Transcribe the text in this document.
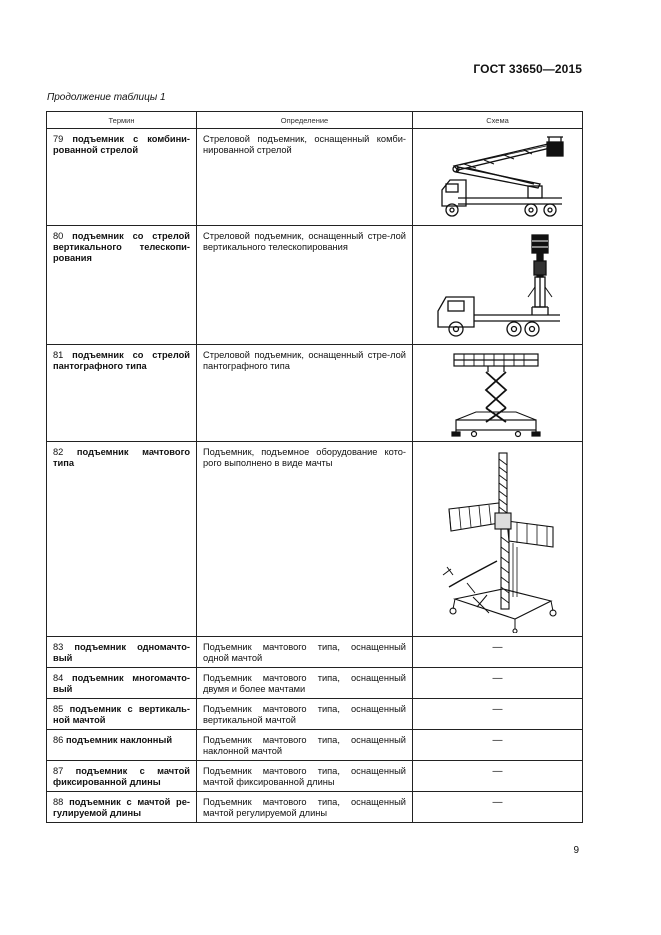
ГОСТ 33650—2015
Продолжение таблицы 1
Термин	Определение	Схема
79 подъемник с комбини-рованной стрелой	Стреловой подъемник, оснащенный комби-нированной стрелой	

80 подъемник со стрелой вертикального телескопи-рования	Стреловой подъемник, оснащенный стре-лой вертикального телескопирования	

81 подъемник со стрелой пантографного типа	Стреловой подъемник, оснащенный стре-лой пантографного типа	

82 подъемник мачтового типа	Подъемник, подъемное оборудование кото-рого выполнено в виде мачты	

83 подъемник одномачто-вый	Подъемник мачтового типа, оснащенный одной мачтой	—
84 подъемник многомачто-вый	Подъемник мачтового типа, оснащенный двумя и более мачтами	—
85 подъемник с вертикаль-ной мачтой	Подъемник мачтового типа, оснащенный вертикальной мачтой	—
86 подъемник наклонный	Подъемник мачтового типа, оснащенный наклонной мачтой	—
87 подъемник с мачтой фиксированной длины	Подъемник мачтового типа, оснащенный мачтой фиксированной длины	—
88 подъемник с мачтой ре-гулируемой длины	Подъемник мачтового типа, оснащенный мачтой регулируемой длины	—
9
